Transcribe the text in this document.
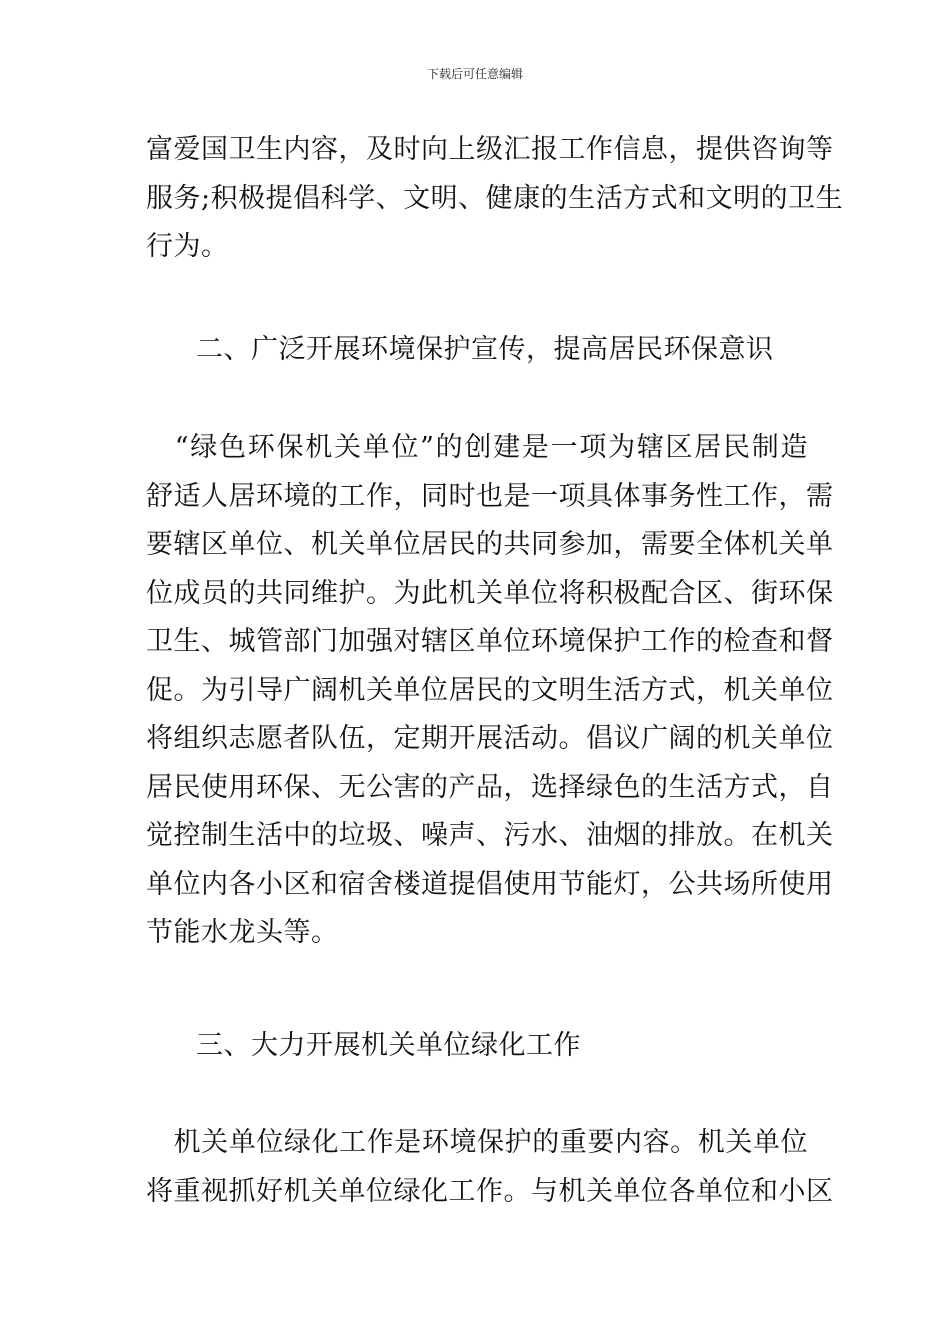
下载后可任意编辑
富爱国卫生内容，及时向上级汇报工作信息，提供咨询等
服务;积极提倡科学、文明、健康的生活方式和文明的卫生
行为。
二、广泛开展环境保护宣传，提高居民环保意识
　“绿色环保机关单位”的创建是一项为辖区居民制造
舒适人居环境的工作，同时也是一项具体事务性工作，需
要辖区单位、机关单位居民的共同参加，需要全体机关单
位成员的共同维护。为此机关单位将积极配合区、街环保
卫生、城管部门加强对辖区单位环境保护工作的检查和督
促。为引导广阔机关单位居民的文明生活方式，机关单位
将组织志愿者队伍，定期开展活动。倡议广阔的机关单位
居民使用环保、无公害的产品，选择绿色的生活方式，自
觉控制生活中的垃圾、噪声、污水、油烟的排放。在机关
单位内各小区和宿舍楼道提倡使用节能灯，公共场所使用
节能水龙头等。
三、大力开展机关单位绿化工作
　机关单位绿化工作是环境保护的重要内容。机关单位
将重视抓好机关单位绿化工作。与机关单位各单位和小区
